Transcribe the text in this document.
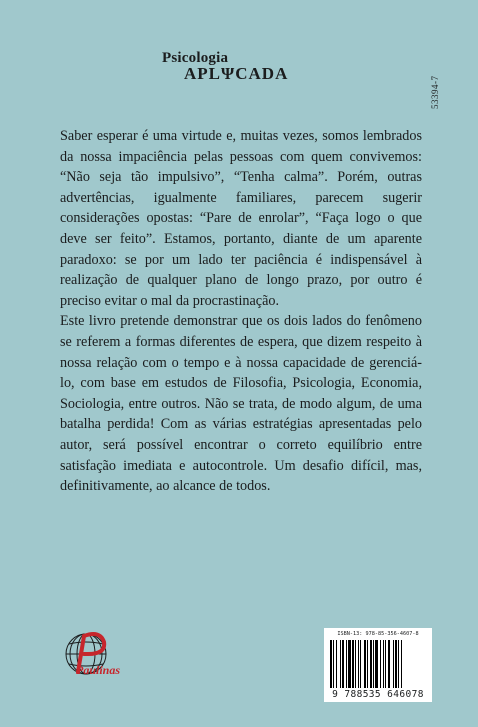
Psicologia
APLΨCADA
53394-7

Saber esperar é uma virtude e, muitas vezes, somos lembrados da nossa impaciência pelas pessoas com quem convivemos: “Não seja tão impulsivo”, “Tenha calma”. Porém, outras advertências, igualmente familiares, parecem sugerir considerações opostas: “Pare de enrolar”, “Faça logo o que deve ser feito”. Estamos, portanto, diante de um aparente paradoxo: se por um lado ter paciência é indispensável à realização de qualquer plano de longo prazo, por outro é preciso evitar o mal da procrastinação.

Este livro pretende demonstrar que os dois lados do fenômeno se referem a formas diferentes de espera, que dizem respeito à nossa relação com o tempo e à nossa capacidade de gerenciá-lo, com base em estudos de Filosofia, Psicologia, Economia, Sociologia, entre outros. Não se trata, de modo algum, de uma batalha perdida! Com as várias estratégias apresentadas pelo autor, será possível encontrar o correto equilíbrio entre satisfação imediata e autocontrole. Um desafio difícil, mas, definitivamente, ao alcance de todos.

Paulinas
ISBN-13: 978-85-356-4607-8
9 788535 646078
